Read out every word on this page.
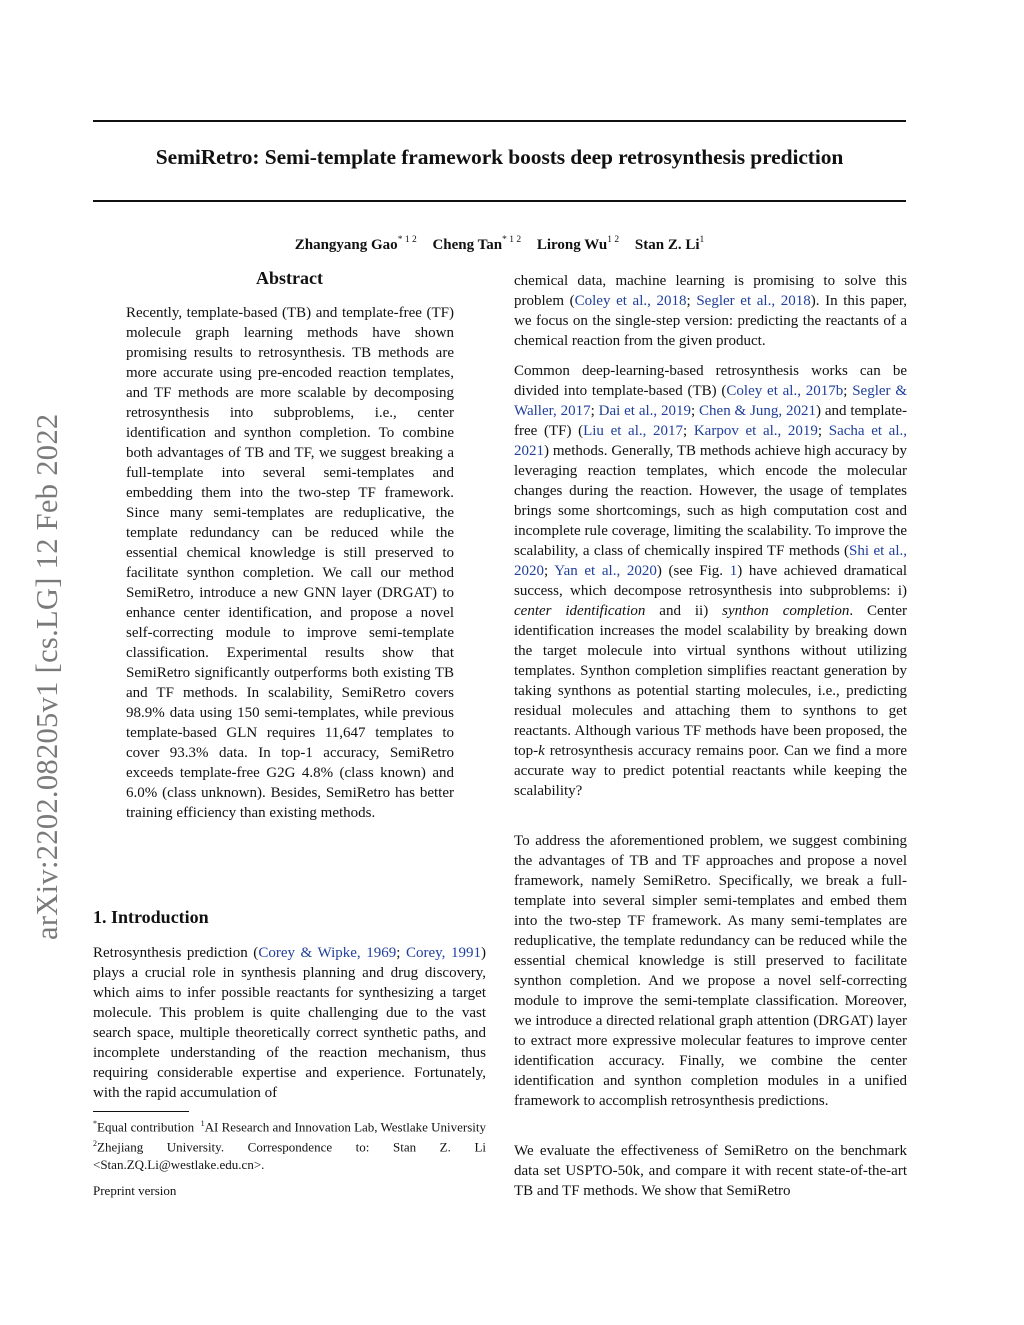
arXiv:2202.08205v1 [cs.LG] 12 Feb 2022
SemiRetro: Semi-template framework boosts deep retrosynthesis prediction
Zhangyang Gao$^{* 1 2}$ Cheng Tan$^{* 1 2}$ Lirong $Wu^{1 2}$ Stan Z. Li$^1$
Abstract

Recently, template-based (TB) and template-free (TF) molecule graph learning methods have shown promising results to retrosynthesis. TB methods are more accurate using pre-encoded reaction templates, and TF methods are more scalable by decomposing retrosynthesis into subproblems, i.e., center identification and synthon completion. To combine both advantages of TB and TF, we suggest breaking a full-template into several semi-templates and embedding them into the two-step TF framework. Since many semi-templates are reduplicative, the template redundancy can be reduced while the essential chemical knowledge is still preserved to facilitate synthon completion. We call our method SemiRetro, introduce a new GNN layer (DRGAT) to enhance center identification, and propose a novel self-correcting module to improve semi-template classification. Experimental results show that SemiRetro significantly outperforms both existing TB and TF methods. In scalability, SemiRetro covers 98.9% data using 150 semi-templates, while previous template-based GLN requires 11,647 templates to cover 93.3% data. In top-1 accuracy, SemiRetro exceeds template-free G2G 4.8% (class known) and 6.0% (class unknown). Besides, SemiRetro has better training efficiency than existing methods.

1. Introduction

Retrosynthesis prediction (Corey & Wipke, 1969; Corey, 1991) plays a crucial role in synthesis planning and drug discovery, which aims to infer possible reactants for synthesizing a target molecule. This problem is quite challenging due to the vast search space, multiple theoretically correct synthetic paths, and incomplete understanding of the reaction mechanism, thus requiring considerable expertise and experience. Fortunately, with the rapid accumulation of

*Equal contribution $^1$AI Research and Innovation Lab, Westlake University $^2$Zhejiang University. Correspondence to: Stan Z. Li <Stan.ZQ.Li@westlake.edu.cn>.
Preprint version

chemical data, machine learning is promising to solve this problem (Coley et al., 2018; Segler et al., 2018). In this paper, we focus on the single-step version: predicting the reactants of a chemical reaction from the given product.

Common deep-learning-based retrosynthesis works can be divided into template-based (TB) (Coley et al., 2017b; Segler & Waller, 2017; Dai et al., 2019; Chen & Jung, 2021) and template-free (TF) (Liu et al., 2017; Karpov et al., 2019; Sacha et al., 2021) methods. Generally, TB methods achieve high accuracy by leveraging reaction templates, which encode the molecular changes during the reaction. However, the usage of templates brings some shortcomings, such as high computation cost and incomplete rule coverage, limiting the scalability. To improve the scalability, a class of chemically inspired TF methods (Shi et al., 2020; Yan et al., 2020) (see Fig. 1) have achieved dramatical success, which decompose retrosynthesis into subproblems: i) center identification and ii) synthon completion. Center identification increases the model scalability by breaking down the target molecule into virtual synthons without utilizing templates. Synthon completion simplifies reactant generation by taking synthons as potential starting molecules, i.e., predicting residual molecules and attaching them to synthons to get reactants. Although various TF methods have been proposed, the top-k retrosynthesis accuracy remains poor. Can we find a more accurate way to predict potential reactants while keeping the scalability?

To address the aforementioned problem, we suggest combining the advantages of TB and TF approaches and propose a novel framework, namely SemiRetro. Specifically, we break a full-template into several simpler semi-templates and embed them into the two-step TF framework. As many semi-templates are reduplicative, the template redundancy can be reduced while the essential chemical knowledge is still preserved to facilitate synthon completion. And we propose a novel self-correcting module to improve the semi-template classification. Moreover, we introduce a directed relational graph attention (DRGAT) layer to extract more expressive molecular features to improve center identification accuracy. Finally, we combine the center identification and synthon completion modules in a unified framework to accomplish retrosynthesis predictions.

We evaluate the effectiveness of SemiRetro on the benchmark data set USPTO-50k, and compare it with recent state-of-the-art TB and TF methods. We show that SemiRetro
